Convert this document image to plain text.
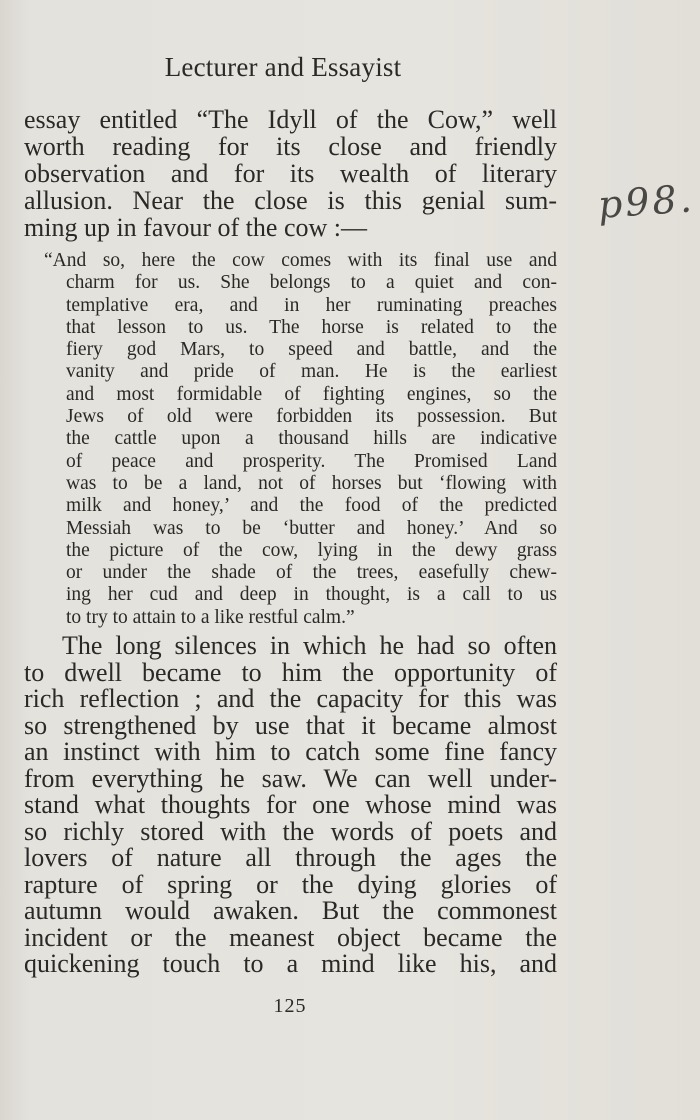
Lecturer and Essayist
essay entitled “The Idyll of the Cow,” well
worth reading for its close and friendly
observation and for its wealth of literary
allusion. Near the close is this genial sum-
ming up in favour of the cow :—
“And so, here the cow comes with its final use and
charm for us. She belongs to a quiet and con-
templative era, and in her ruminating preaches
that lesson to us. The horse is related to the
fiery god Mars, to speed and battle, and the
vanity and pride of man. He is the earliest
and most formidable of fighting engines, so the
Jews of old were forbidden its possession. But
the cattle upon a thousand hills are indicative
of peace and prosperity. The Promised Land
was to be a land, not of horses but ‘flowing with
milk and honey,’ and the food of the predicted
Messiah was to be ‘butter and honey.’ And so
the picture of the cow, lying in the dewy grass
or under the shade of the trees, easefully chew-
ing her cud and deep in thought, is a call to us
to try to attain to a like restful calm.”
The long silences in which he had so often
to dwell became to him the opportunity of
rich reflection ; and the capacity for this was
so strengthened by use that it became almost
an instinct with him to catch some fine fancy
from everything he saw. We can well under-
stand what thoughts for one whose mind was
so richly stored with the words of poets and
lovers of nature all through the ages the
rapture of spring or the dying glories of
autumn would awaken. But the commonest
incident or the meanest object became the
quickening touch to a mind like his, and
p98.
125
